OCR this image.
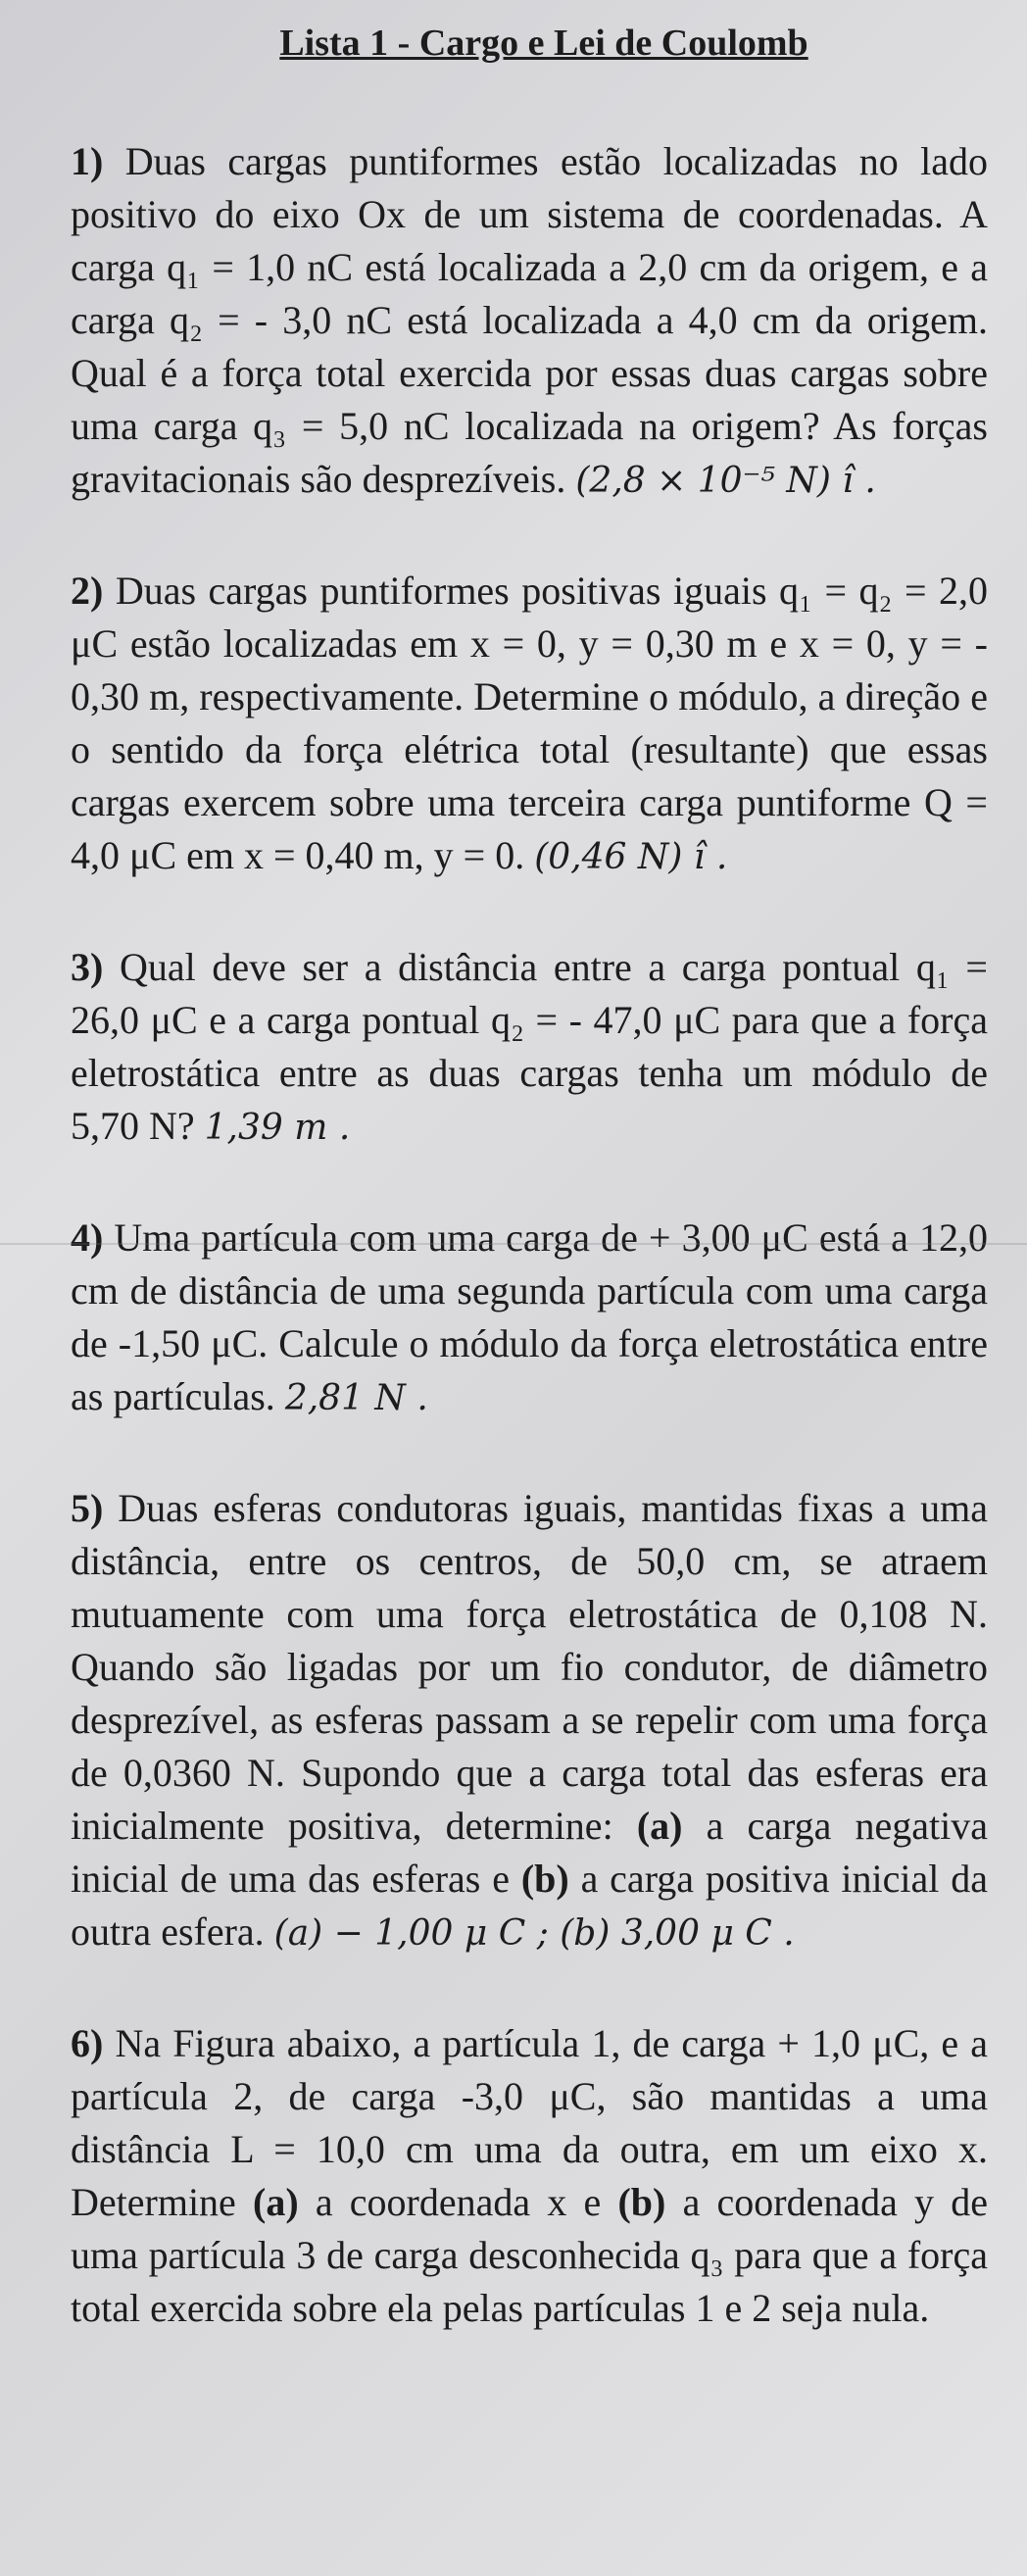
Lista 1 - Cargo e Lei de Coulomb
1) Duas cargas puntiformes estão localizadas no lado positivo do eixo Ox de um sistema de coordenadas. A carga q₁ = 1,0 nC está localizada a 2,0 cm da origem, e a carga q₂ = - 3,0 nC está localizada a 4,0 cm da origem. Qual é a força total exercida por essas duas cargas sobre uma carga q₃ = 5,0 nC localizada na origem? As forças gravitacionais são desprezíveis. (2,8 × 10⁻⁵ N) î .
2) Duas cargas puntiformes positivas iguais q₁ = q₂ = 2,0 μC estão localizadas em x = 0, y = 0,30 m e x = 0, y = - 0,30 m, respectivamente. Determine o módulo, a direção e o sentido da força elétrica total (resultante) que essas cargas exercem sobre uma terceira carga puntiforme Q = 4,0 μC em x = 0,40 m, y = 0. (0,46 N) î .
3) Qual deve ser a distância entre a carga pontual q₁ = 26,0 μC e a carga pontual q₂ = - 47,0 μC para que a força eletrostática entre as duas cargas tenha um módulo de 5,70 N? 1,39 m .
4) Uma partícula com uma carga de + 3,00 μC está a 12,0 cm de distância de uma segunda partícula com uma carga de -1,50 μC. Calcule o módulo da força eletrostática entre as partículas. 2,81 N .
5) Duas esferas condutoras iguais, mantidas fixas a uma distância, entre os centros, de 50,0 cm, se atraem mutuamente com uma força eletrostática de 0,108 N. Quando são ligadas por um fio condutor, de diâmetro desprezível, as esferas passam a se repelir com uma força de 0,0360 N. Supondo que a carga total das esferas era inicialmente positiva, determine: (a) a carga negativa inicial de uma das esferas e (b) a carga positiva inicial da outra esfera. (a) − 1,00 μ C ; (b) 3,00 μ C .
6) Na Figura abaixo, a partícula 1, de carga + 1,0 μC, e a partícula 2, de carga -3,0 μC, são mantidas a uma distância L = 10,0 cm uma da outra, em um eixo x. Determine (a) a coordenada x e (b) a coordenada y de uma partícula 3 de carga desconhecida q₃ para que a força total exercida sobre ela pelas partículas 1 e 2 seja nula.
